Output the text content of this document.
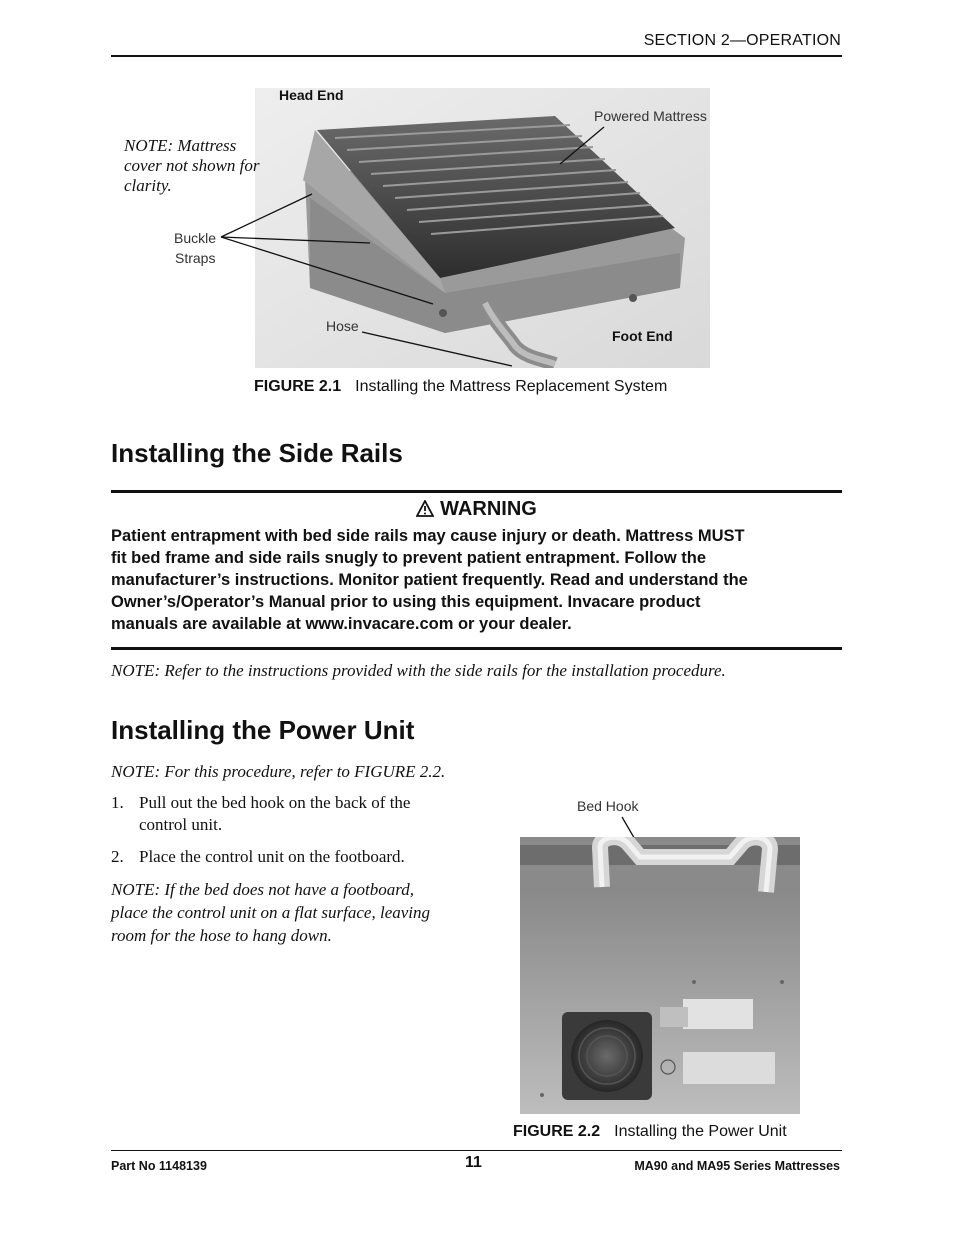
SECTION 2—OPERATION
Head End
Powered Mattress
NOTE: Mattress
cover not shown for
clarity.
Buckle
Straps
Hose
Foot End
FIGURE 2.1 Installing the Mattress Replacement System
Installing the Side Rails
WARNING
Patient entrapment with bed side rails may cause injury or death. Mattress MUST
fit bed frame and side rails snugly to prevent patient entrapment. Follow the
manufacturer’s instructions. Monitor patient frequently. Read and understand the
Owner’s/Operator’s Manual prior to using this equipment. Invacare product
manuals are available at www.invacare.com or your dealer.
NOTE: Refer to the instructions provided with the side rails for the installation procedure.
Installing the Power Unit
NOTE: For this procedure, refer to FIGURE 2.2.
1. Pull out the bed hook on the back of the
control unit.
2. Place the control unit on the footboard.
NOTE: If the bed does not have a footboard,
place the control unit on a flat surface, leaving
room for the hose to hang down.
Bed Hook
FIGURE 2.2 Installing the Power Unit
Part No 1148139	11	MA90 and MA95 Series Mattresses
